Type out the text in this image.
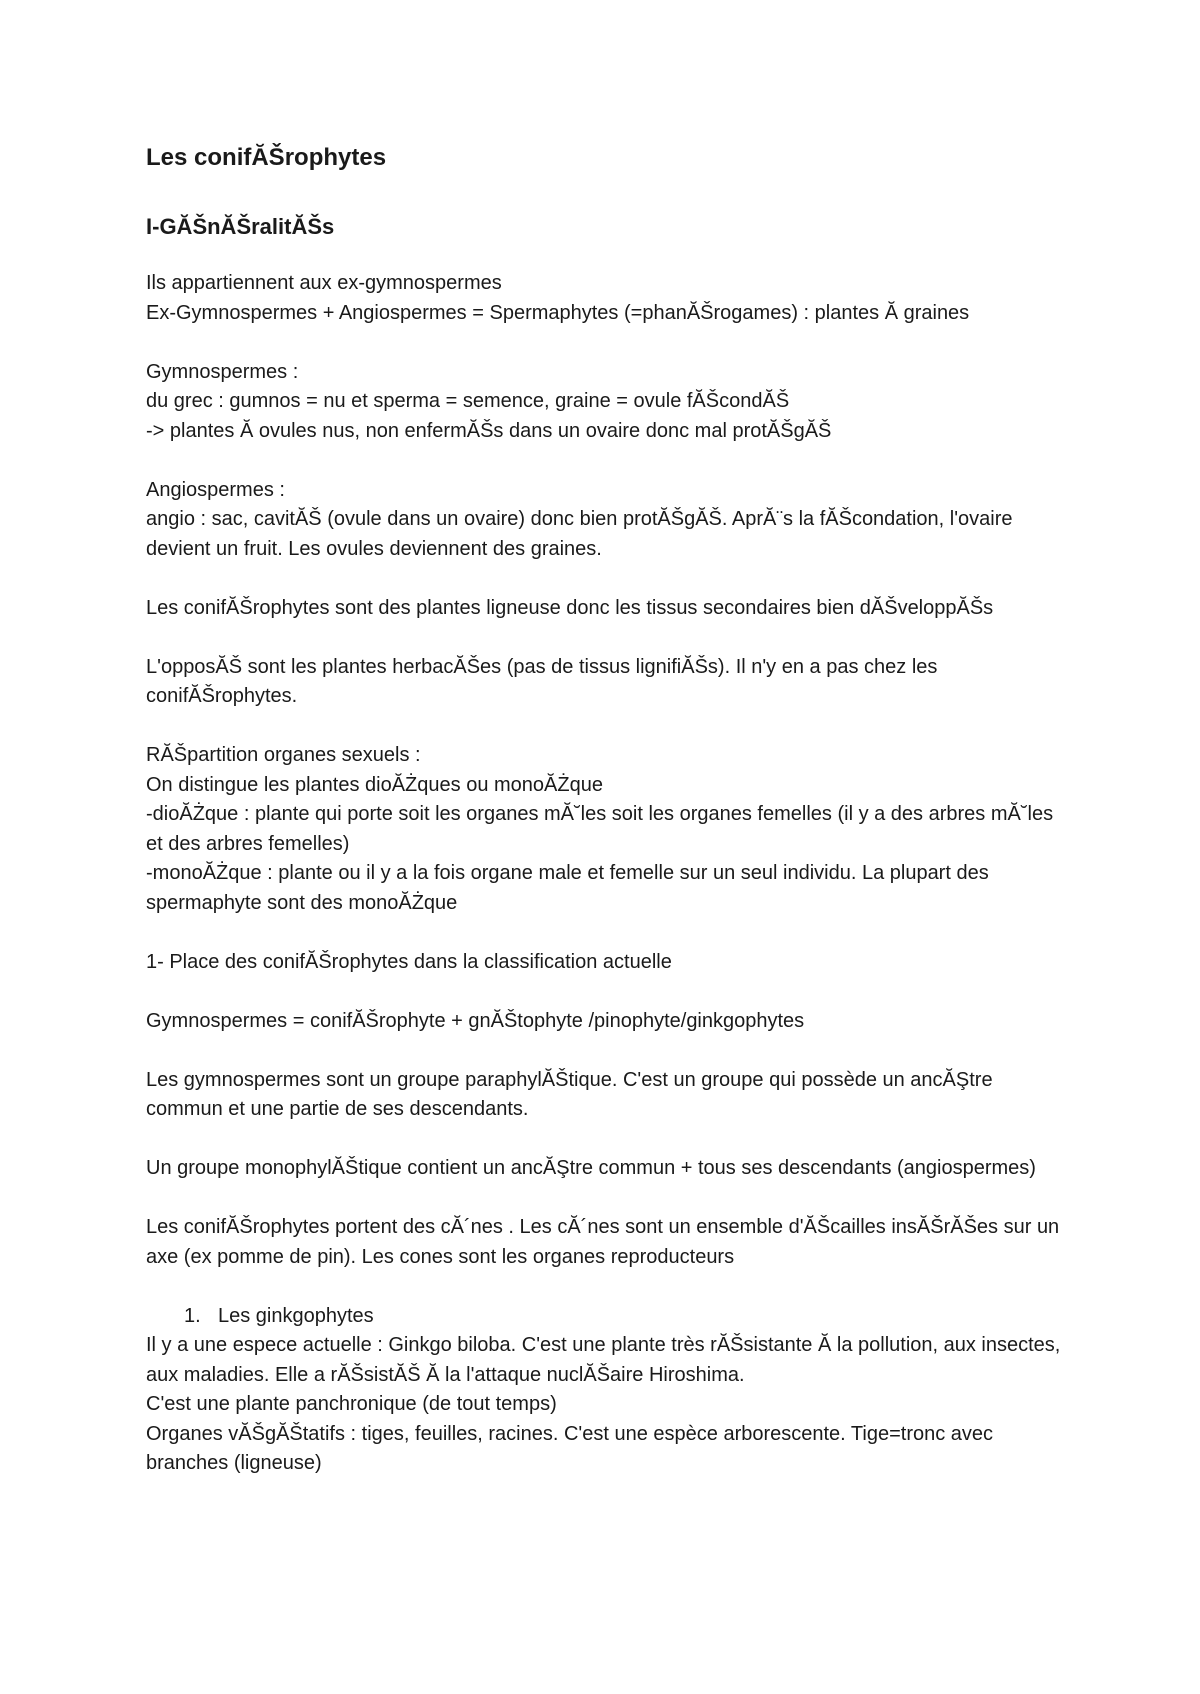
Les conifĂŠrophytes
I-GĂŠnĂŠralitĂŠs

Ils appartiennent aux ex-gymnospermes
Ex-Gymnospermes + Angiospermes = Spermaphytes (=phanĂŠrogames) : plantes Ă graines

Gymnospermes :
du grec : gumnos = nu et sperma = semence, graine = ovule fĂŠcondĂŠ
-> plantes Ă ovules nus, non enfermĂŠs dans un ovaire donc mal protĂŠgĂŠ

Angiospermes :
angio : sac, cavitĂŠ (ovule dans un ovaire) donc bien protĂŠgĂŠ. AprĂ¨s la fĂŠcondation, l'ovaire devient un fruit. Les ovules deviennent des graines.

Les conifĂŠrophytes sont des plantes ligneuse donc les tissus secondaires bien dĂŠveloppĂŠs

L'opposĂŠ sont les plantes herbacĂŠes (pas de tissus lignifiĂŠs). Il n'y en a pas chez les conifĂŠrophytes.

RĂŠpartition organes sexuels :
On distingue les plantes dioĂŻques ou monoĂŻque
-dioĂŻque : plante qui porte soit les organes mĂ˘les soit les organes femelles (il y a des arbres mĂ˘les et des arbres femelles)
-monoĂŻque : plante ou il y a la fois organe male et femelle sur un seul individu. La plupart des spermaphyte sont des monoĂŻque

1- Place des conifĂŠrophytes dans la classification actuelle

Gymnospermes = conifĂŠrophyte + gnĂŠtophyte /pinophyte/ginkgophytes

Les gymnospermes sont un groupe paraphylĂŠtique. C'est un groupe qui possède un ancĂŞtre commun et une partie de ses descendants.

Un groupe monophylĂŠtique contient un ancĂŞtre commun + tous ses descendants (angiospermes)

Les conifĂŠrophytes portent des cĂ´nes . Les cĂ´nes sont un ensemble d'ĂŠcailles insĂŠrĂŠes sur un axe (ex pomme de pin). Les cones sont les organes reproducteurs

1. Les ginkgophytes

Il y a une espece actuelle : Ginkgo biloba. C'est une plante très rĂŠsistante Ă la pollution, aux insectes, aux maladies. Elle a rĂŠsistĂŠ Ă la l'attaque nuclĂŠaire Hiroshima.
C'est une plante panchronique (de tout temps)
Organes vĂŠgĂŠtatifs : tiges, feuilles, racines. C'est une espèce arborescente. Tige=tronc avec branches (ligneuse)
